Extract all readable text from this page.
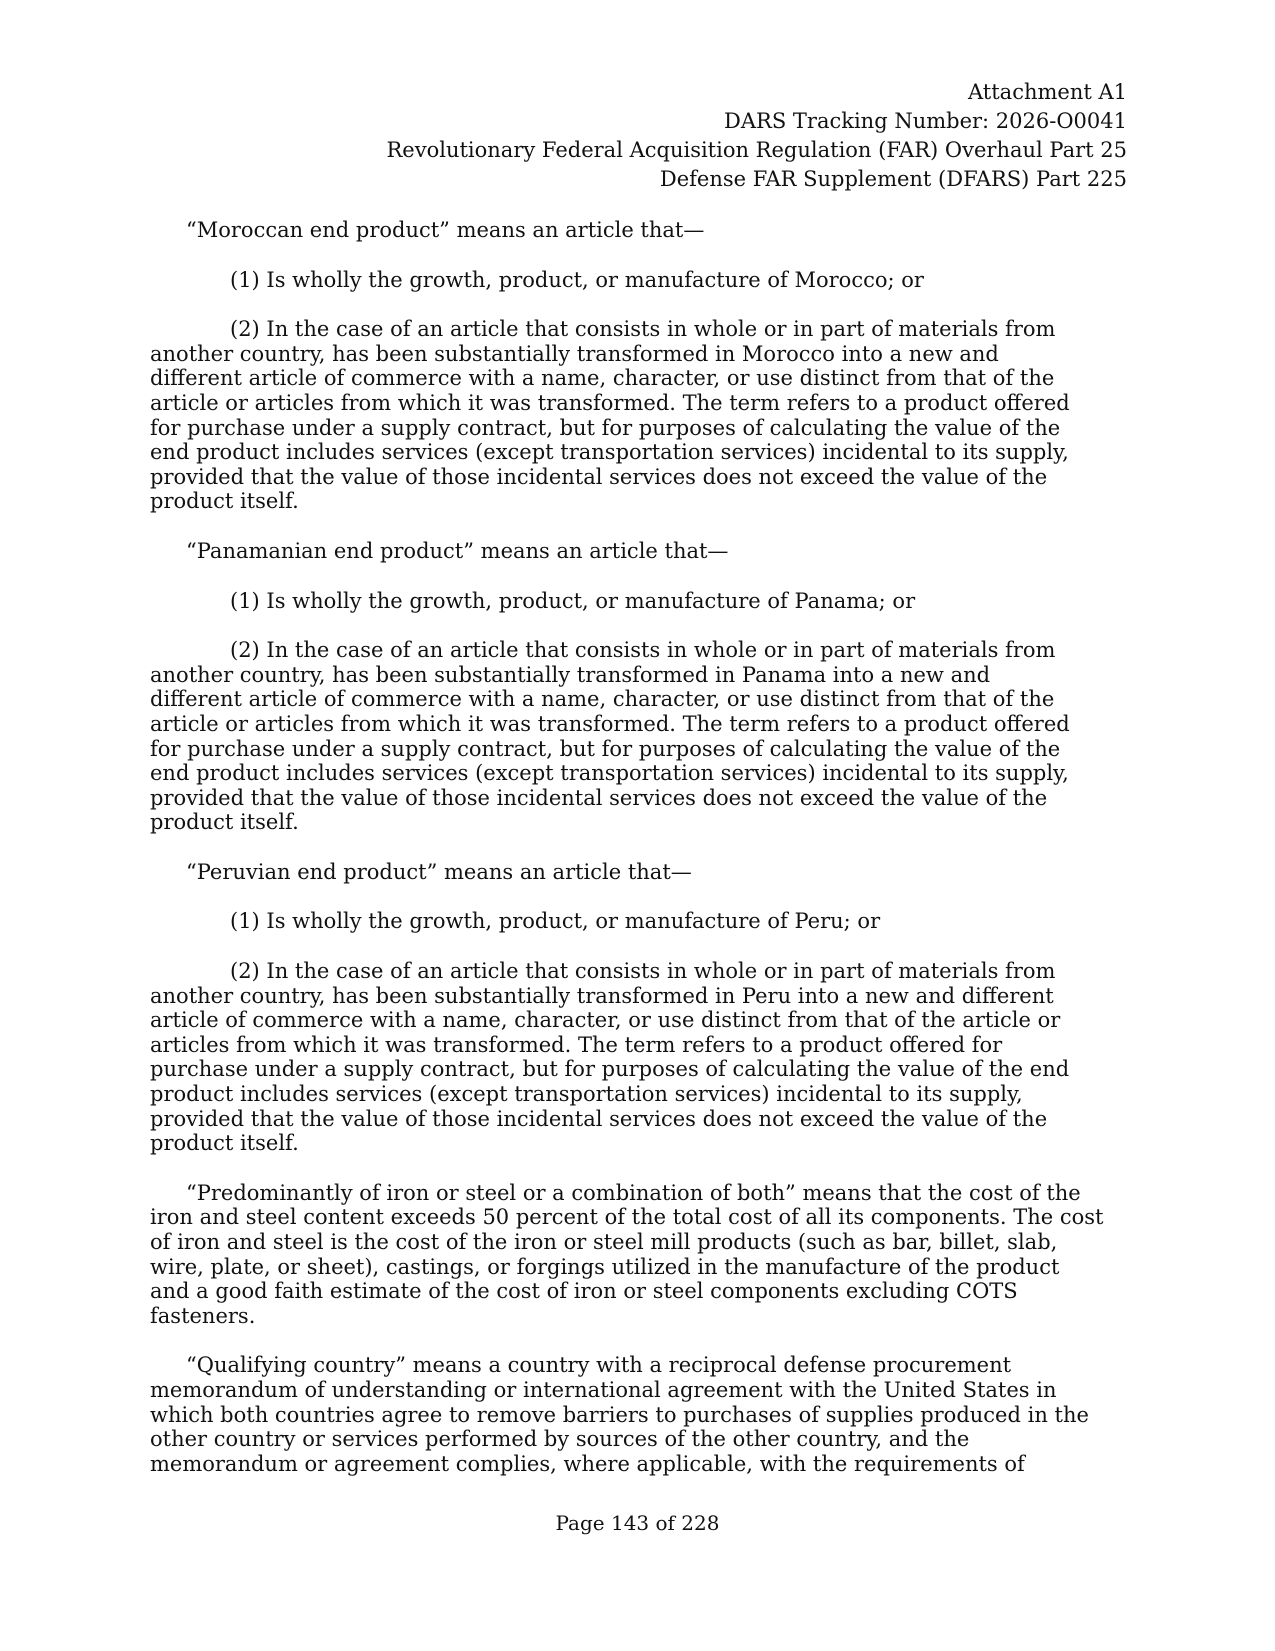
Attachment A1
DARS Tracking Number: 2026-O0041
Revolutionary Federal Acquisition Regulation (FAR) Overhaul Part 25
Defense FAR Supplement (DFARS) Part 225
“Moroccan end product” means an article that—
(1) Is wholly the growth, product, or manufacture of Morocco; or
(2) In the case of an article that consists in whole or in part of materials from
another country, has been substantially transformed in Morocco into a new and
different article of commerce with a name, character, or use distinct from that of the
article or articles from which it was transformed. The term refers to a product offered
for purchase under a supply contract, but for purposes of calculating the value of the
end product includes services (except transportation services) incidental to its supply,
provided that the value of those incidental services does not exceed the value of the
product itself.
“Panamanian end product” means an article that—
(1) Is wholly the growth, product, or manufacture of Panama; or
(2) In the case of an article that consists in whole or in part of materials from
another country, has been substantially transformed in Panama into a new and
different article of commerce with a name, character, or use distinct from that of the
article or articles from which it was transformed. The term refers to a product offered
for purchase under a supply contract, but for purposes of calculating the value of the
end product includes services (except transportation services) incidental to its supply,
provided that the value of those incidental services does not exceed the value of the
product itself.
“Peruvian end product” means an article that—
(1) Is wholly the growth, product, or manufacture of Peru; or
(2) In the case of an article that consists in whole or in part of materials from
another country, has been substantially transformed in Peru into a new and different
article of commerce with a name, character, or use distinct from that of the article or
articles from which it was transformed. The term refers to a product offered for
purchase under a supply contract, but for purposes of calculating the value of the end
product includes services (except transportation services) incidental to its supply,
provided that the value of those incidental services does not exceed the value of the
product itself.
“Predominantly of iron or steel or a combination of both” means that the cost of the
iron and steel content exceeds 50 percent of the total cost of all its components. The cost
of iron and steel is the cost of the iron or steel mill products (such as bar, billet, slab,
wire, plate, or sheet), castings, or forgings utilized in the manufacture of the product
and a good faith estimate of the cost of iron or steel components excluding COTS
fasteners.
“Qualifying country” means a country with a reciprocal defense procurement
memorandum of understanding or international agreement with the United States in
which both countries agree to remove barriers to purchases of supplies produced in the
other country or services performed by sources of the other country, and the
memorandum or agreement complies, where applicable, with the requirements of
Page 143 of 228
